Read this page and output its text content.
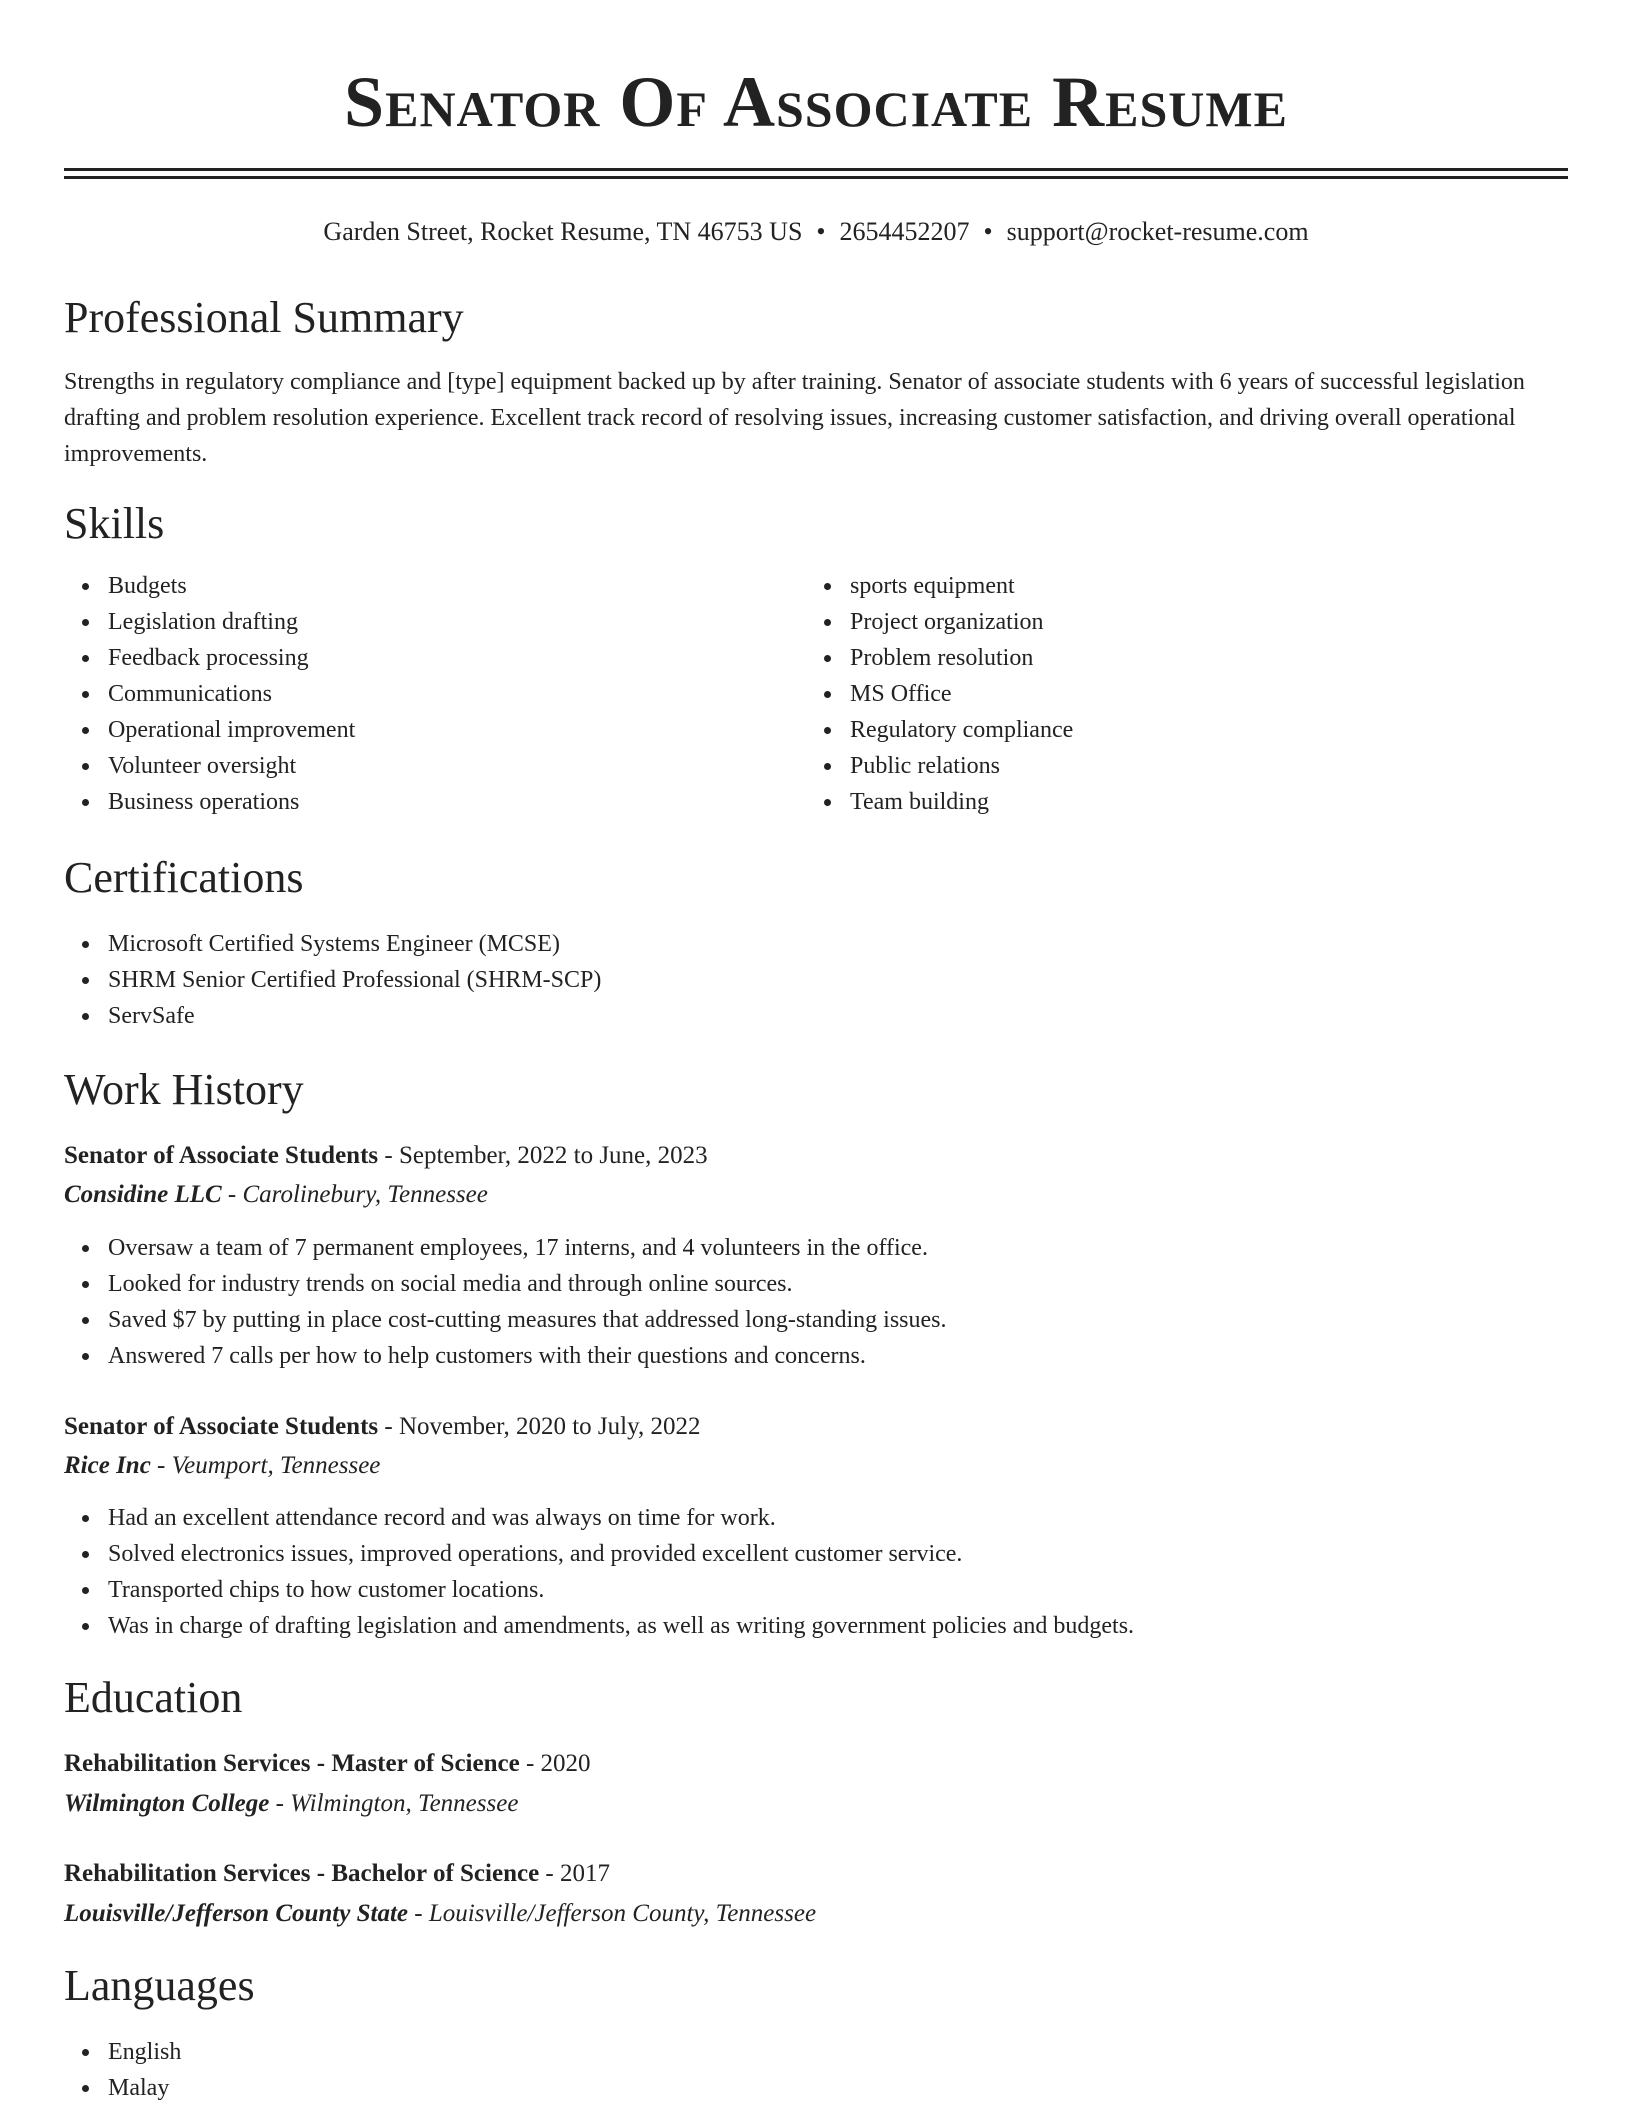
Senator Of Associate Resume
Garden Street, Rocket Resume, TN 46753 US • 2654452207 • support@rocket-resume.com
Professional Summary

Strengths in regulatory compliance and [type] equipment backed up by after training. Senator of associate students with 6 years of successful legislation drafting and problem resolution experience. Excellent track record of resolving issues, increasing customer satisfaction, and driving overall operational improvements.

Skills
Budgets
Legislation drafting
Feedback processing
Communications
Operational improvement
Volunteer oversight
Business operations
sports equipment
Project organization
Problem resolution
MS Office
Regulatory compliance
Public relations
Team building
Certifications
Microsoft Certified Systems Engineer (MCSE)
SHRM Senior Certified Professional (SHRM-SCP)
ServSafe
Work History

Senator of Associate Students - September, 2022 to June, 2023

Considine LLC - Carolinebury, Tennessee

Oversaw a team of 7 permanent employees, 17 interns, and 4 volunteers in the office.
Looked for industry trends on social media and through online sources.
Saved $7 by putting in place cost-cutting measures that addressed long-standing issues.
Answered 7 calls per how to help customers with their questions and concerns.

Senator of Associate Students - November, 2020 to July, 2022

Rice Inc - Veumport, Tennessee

Had an excellent attendance record and was always on time for work.
Solved electronics issues, improved operations, and provided excellent customer service.
Transported chips to how customer locations.
Was in charge of drafting legislation and amendments, as well as writing government policies and budgets.
Education

Rehabilitation Services - Master of Science - 2020

Wilmington College - Wilmington, Tennessee

Rehabilitation Services - Bachelor of Science - 2017

Louisville/Jefferson County State - Louisville/Jefferson County, Tennessee

Languages
English
Malay
